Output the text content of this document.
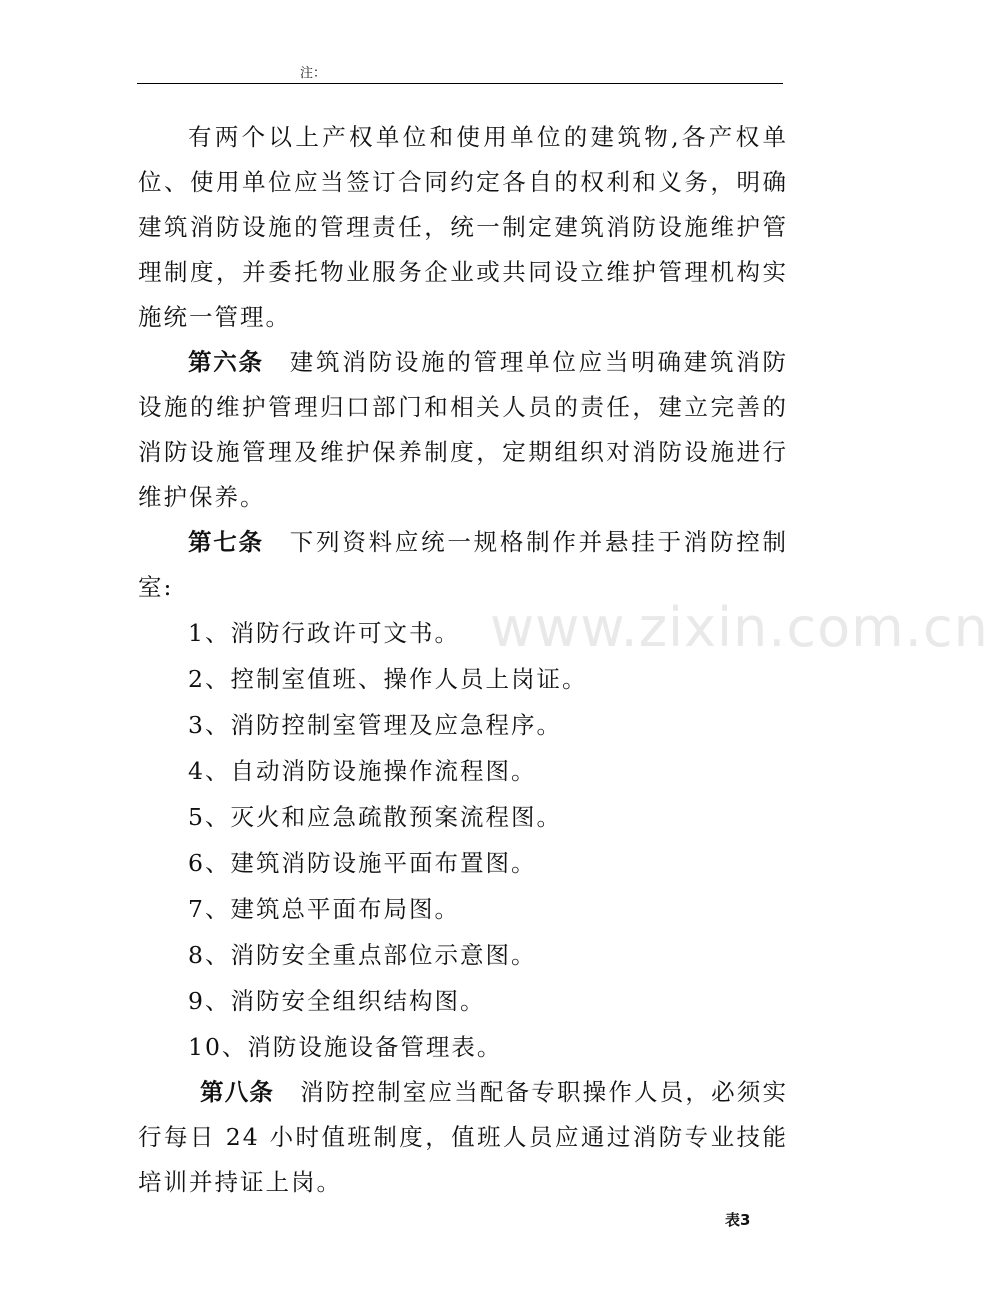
注：
www.zixin.com.cn

有两个以上产权单位和使用单位的建筑物,各产权单位、使用单位应当签订合同约定各自的权利和义务，明确建筑消防设施的管理责任，统一制定建筑消防设施维护管理制度，并委托物业服务企业或共同设立维护管理机构实施统一管理。

第六条 建筑消防设施的管理单位应当明确建筑消防设施的维护管理归口部门和相关人员的责任，建立完善的消防设施管理及维护保养制度，定期组织对消防设施进行维护保养。

第七条 下列资料应统一规格制作并悬挂于消防控制室:

1、消防行政许可文书。

2、控制室值班、操作人员上岗证。

3、消防控制室管理及应急程序。

4、自动消防设施操作流程图。

5、灭火和应急疏散预案流程图。

6、建筑消防设施平面布置图。

7、建筑总平面布局图。

8、消防安全重点部位示意图。

9、消防安全组织结构图。

10、消防设施设备管理表。

第八条 消防控制室应当配备专职操作人员，必须实行每日 24 小时值班制度，值班人员应通过消防专业技能培训并持证上岗。

表3
